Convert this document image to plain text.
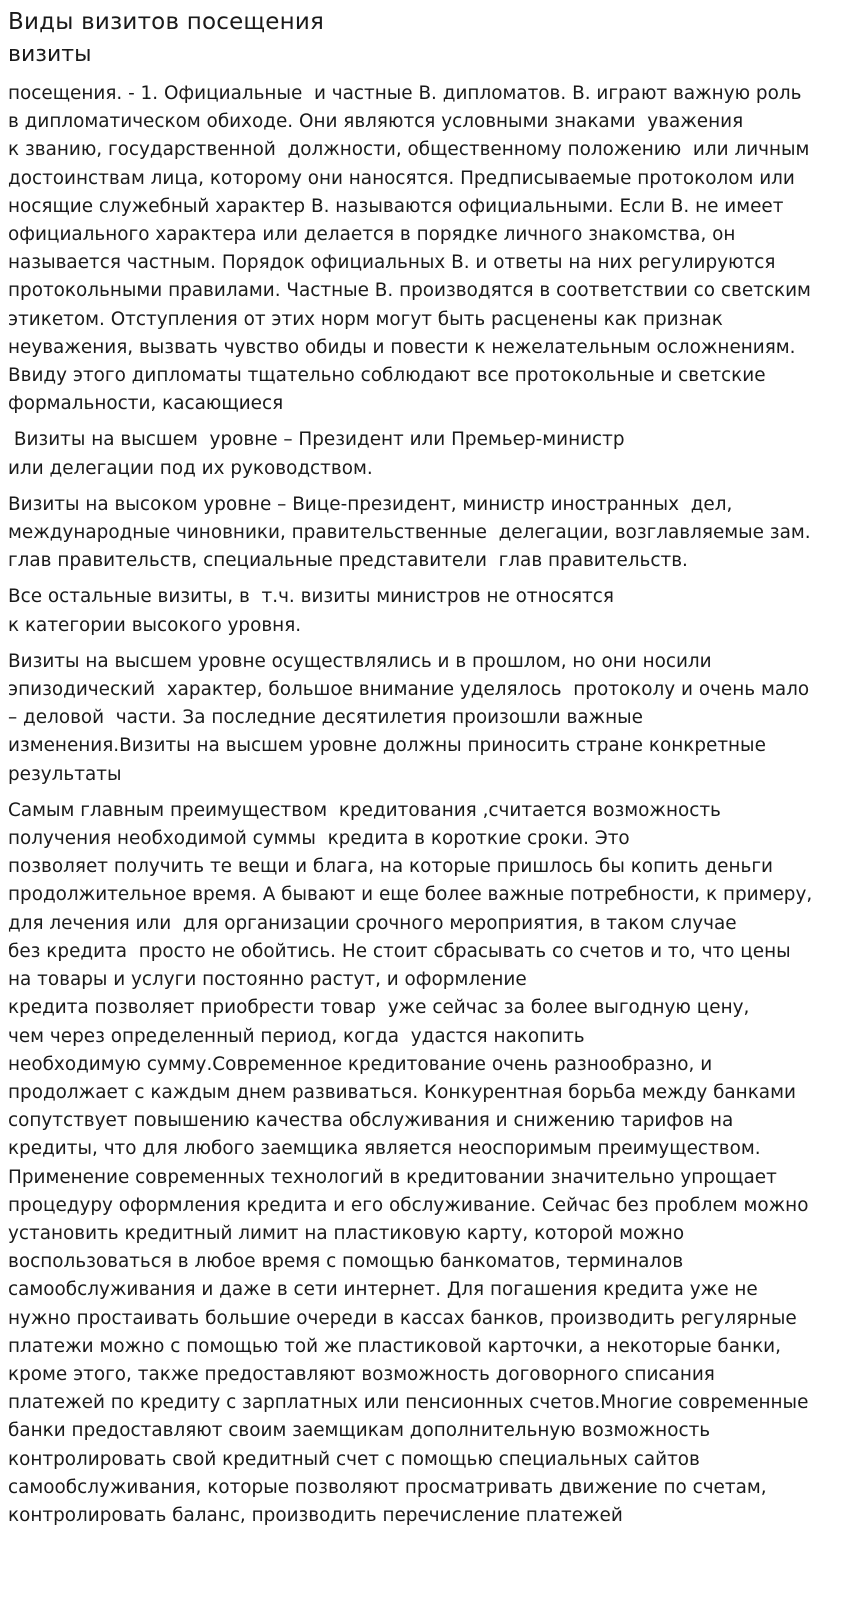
Виды визитов посещения
визиты

посещения. - 1. Официальные  и частные В. дипломатов. В. играют важную роль
в дипломатическом обиходе. Они являются условными знаками  уважения
к званию, государственной  должности, общественному положению  или личным
достоинствам лица, которому они наносятся. Предписываемые протоколом или
носящие служебный характер В. называются официальными. Если В. не имеет
официального характера или делается в порядке личного знакомства, он
называется частным. Порядок официальных В. и ответы на них регулируются
протокольными правилами. Частные В. производятся в соответствии со светским
этикетом. Отступления от этих норм могут быть расценены как признак
неуважения, вызвать чувство обиды и повести к нежелательным осложнениям.
Ввиду этого дипломаты тщательно соблюдают все протокольные и светские
формальности, касающиеся

Визиты на высшем  уровне – Президент или Премьер-министр
или делегации под их руководством.

Визиты на высоком уровне – Вице-президент, министр иностранных  дел,
международные чиновники, правительственные  делегации, возглавляемые зам.
глав правительств, специальные представители  глав правительств.

Все остальные визиты, в  т.ч. визиты министров не относятся
к категории высокого уровня.

Визиты на высшем уровне осуществлялись и в прошлом, но они носили
эпизодический  характер, большое внимание уделялось  протоколу и очень мало
– деловой  части. За последние десятилетия произошли важные
изменения.Визиты на высшем уровне должны приносить стране конкретные
результаты

Самым главным преимуществом  кредитования ,считается возможность
получения необходимой суммы  кредита в короткие сроки. Это
позволяет получить те вещи и блага, на которые пришлось бы копить деньги
продолжительное время. А бывают и еще более важные потребности, к примеру,
для лечения или  для организации срочного мероприятия, в таком случае
без кредита  просто не обойтись. Не стоит сбрасывать со счетов и то, что цены
на товары и услуги постоянно растут, и оформление
кредита позволяет приобрести товар  уже сейчас за более выгодную цену,
чем через определенный период, когда  удастся накопить
необходимую сумму.Современное кредитование очень разнообразно, и
продолжает с каждым днем развиваться. Конкурентная борьба между банками
сопутствует повышению качества обслуживания и снижению тарифов на
кредиты, что для любого заемщика является неоспоримым преимуществом.
Применение современных технологий в кредитовании значительно упрощает
процедуру оформления кредита и его обслуживание. Сейчас без проблем можно
установить кредитный лимит на пластиковую карту, которой можно
воспользоваться в любое время с помощью банкоматов, терминалов
самообслуживания и даже в сети интернет. Для погашения кредита уже не
нужно простаивать большие очереди в кассах банков, производить регулярные
платежи можно с помощью той же пластиковой карточки, а некоторые банки,
кроме этого, также предоставляют возможность договорного списания
платежей по кредиту с зарплатных или пенсионных счетов.Многие современные
банки предоставляют своим заемщикам дополнительную возможность
контролировать свой кредитный счет с помощью специальных сайтов
самообслуживания, которые позволяют просматривать движение по счетам,
контролировать баланс, производить перечисление платежей
